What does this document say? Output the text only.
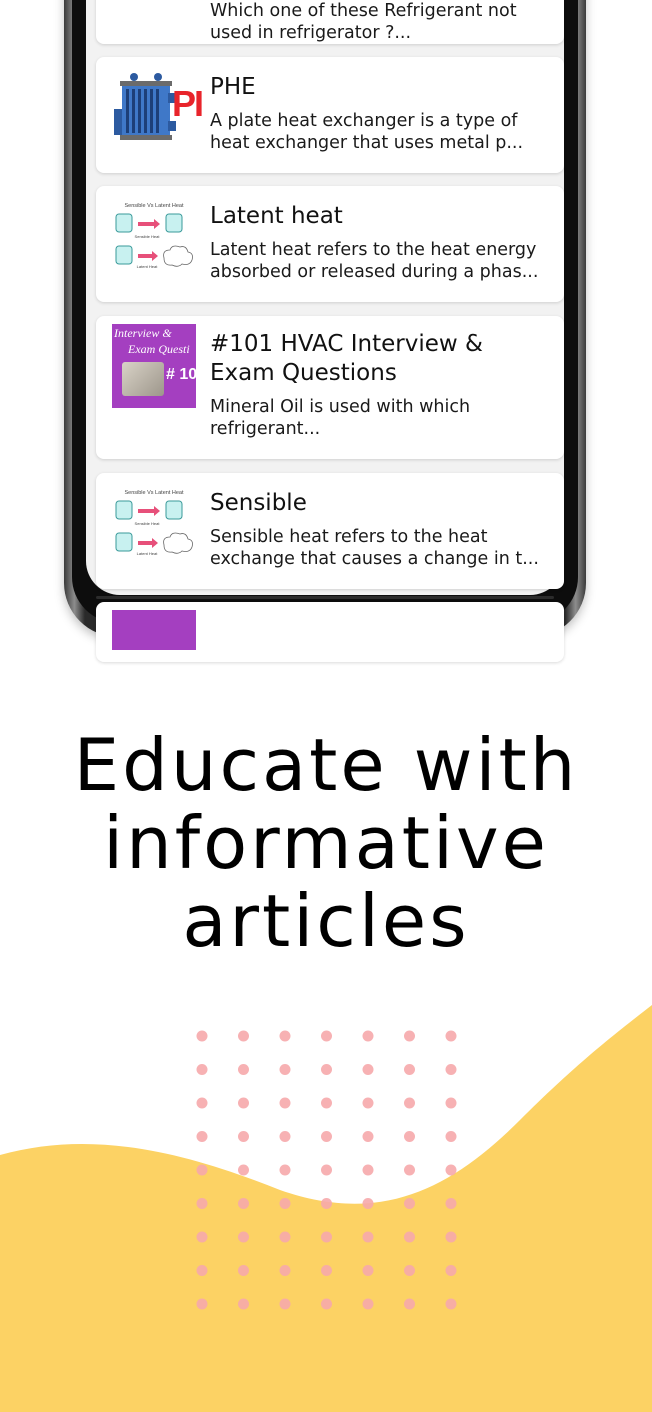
Which one of these Refrigerant not used in refrigerator ?...
PI PHE
A plate heat exchanger is a type of heat exchanger that uses metal p...
Sensible Vs Latent Heat
Sensible Heat
Latent Heat
Latent heat
Latent heat refers to the heat energy absorbed or released during a phas...
Interview &
Exam Questi
# 10
#101 HVAC Interview & Exam Questions
Mineral Oil is used with which refrigerant...
Sensible Vs Latent Heat
Sensible Heat
Latent Heat
Sensible
Sensible heat refers to the heat exchange that causes a change in t...
Educate with
informative
articles
